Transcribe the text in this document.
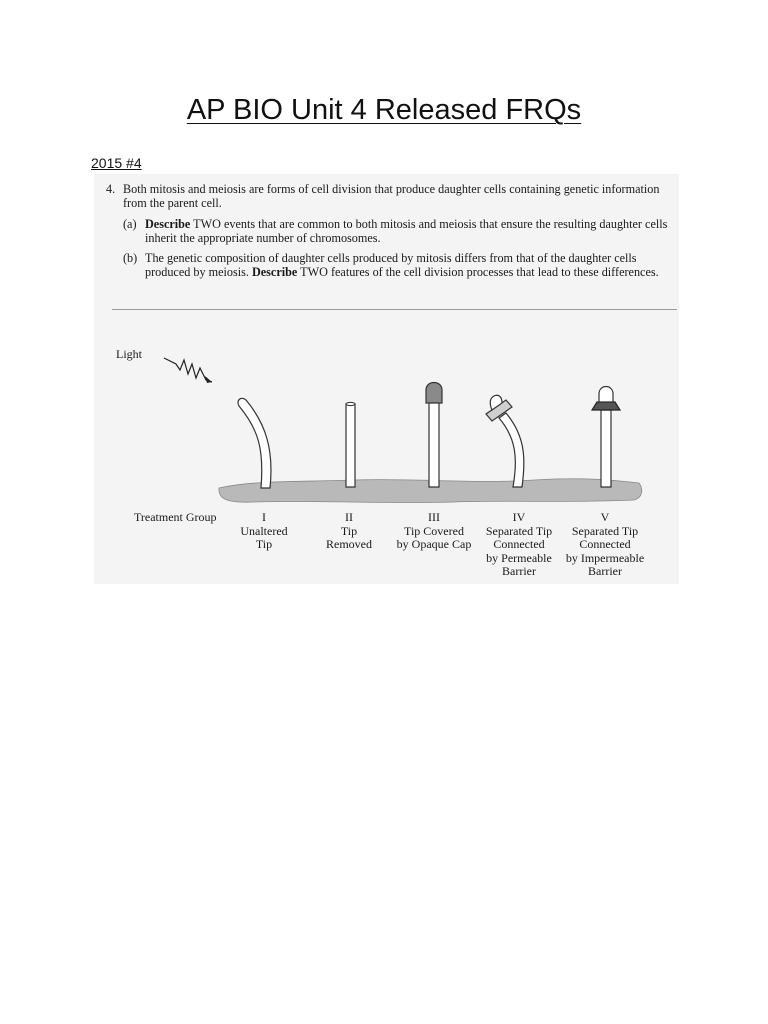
AP BIO Unit 4 Released FRQs
2015 #4
4. Both mitosis and meiosis are forms of cell division that produce daughter cells containing genetic information
from the parent cell.
(a) Describe TWO events that are common to both mitosis and meiosis that ensure the resulting daughter cells
inherit the appropriate number of chromosomes.
(b) The genetic composition of daughter cells produced by mitosis differs from that of the daughter cells
produced by meiosis. Describe TWO features of the cell division processes that lead to these differences.
Light
Treatment Group	I
Unaltered
Tip
II
Tip
Removed
III
Tip Covered
by Opaque Cap
IV
Separated Tip
Connected
by Permeable
Barrier
V
Separated Tip
Connected
by Impermeable
Barrier
